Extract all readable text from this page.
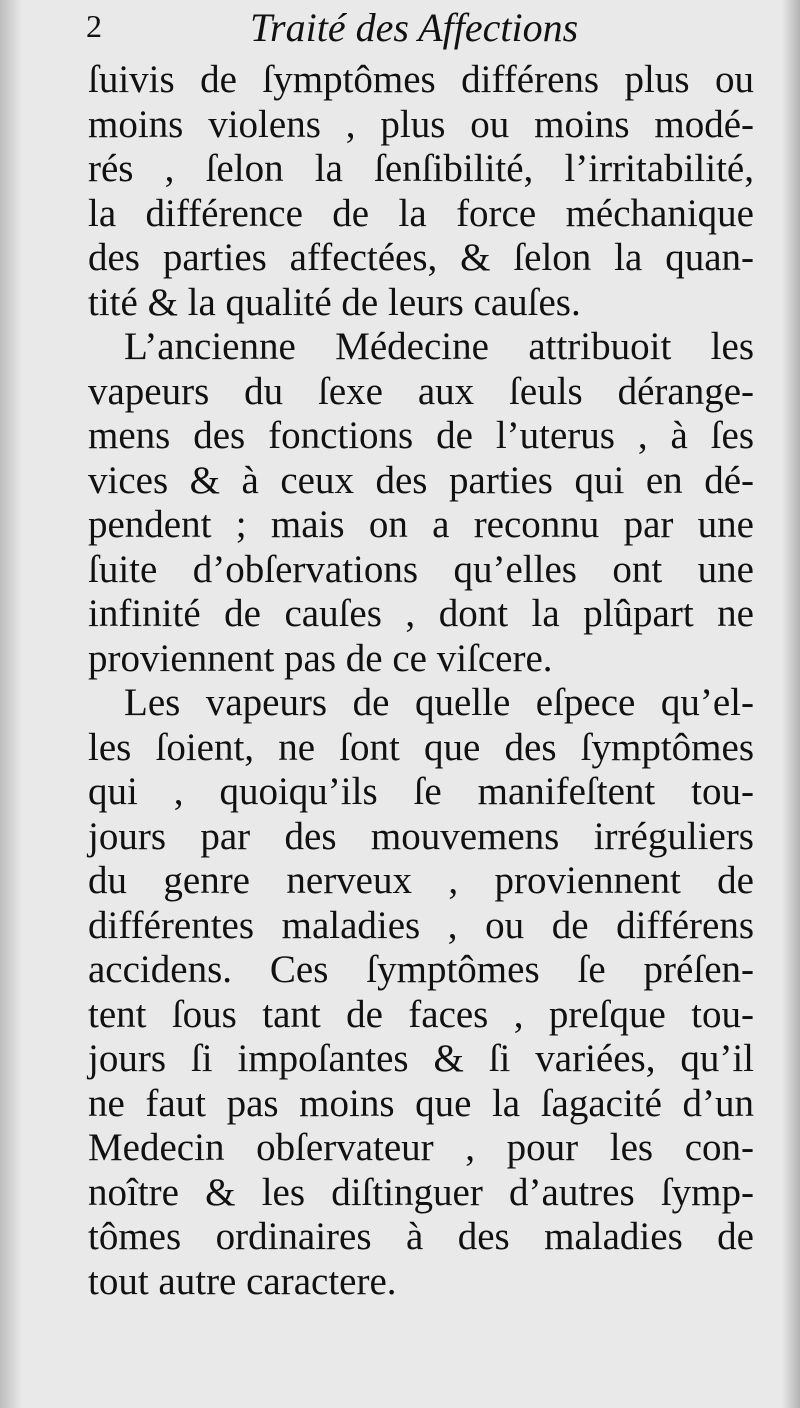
2	Traité des Affections
ſuivis de ſymptômes différens plus ou
moins violens , plus ou moins modé-
rés , ſelon la ſenſibilité, l’irritabilité,
la différence de la force méchanique
des parties affectées, & ſelon la quan-
tité & la qualité de leurs cauſes.
L’ancienne Médecine attribuoit les
vapeurs du ſexe aux ſeuls dérange-
mens des fonctions de l’uterus , à ſes
vices & à ceux des parties qui en dé-
pendent ; mais on a reconnu par une
ſuite d’obſervations qu’elles ont une
infinité de cauſes , dont la plûpart ne
proviennent pas de ce viſcere.
Les vapeurs de quelle eſpece qu’el-
les ſoient, ne ſont que des ſymptômes
qui , quoiqu’ils ſe manifeſtent tou-
jours par des mouvemens irréguliers
du genre nerveux , proviennent de
différentes maladies , ou de différens
accidens. Ces ſymptômes ſe préſen-
tent ſous tant de faces , preſque tou-
jours ſi impoſantes & ſi variées, qu’il
ne faut pas moins que la ſagacité d’un
Medecin obſervateur , pour les con-
noître & les diſtinguer d’autres ſymp-
tômes ordinaires à des maladies de
tout autre caractere.
